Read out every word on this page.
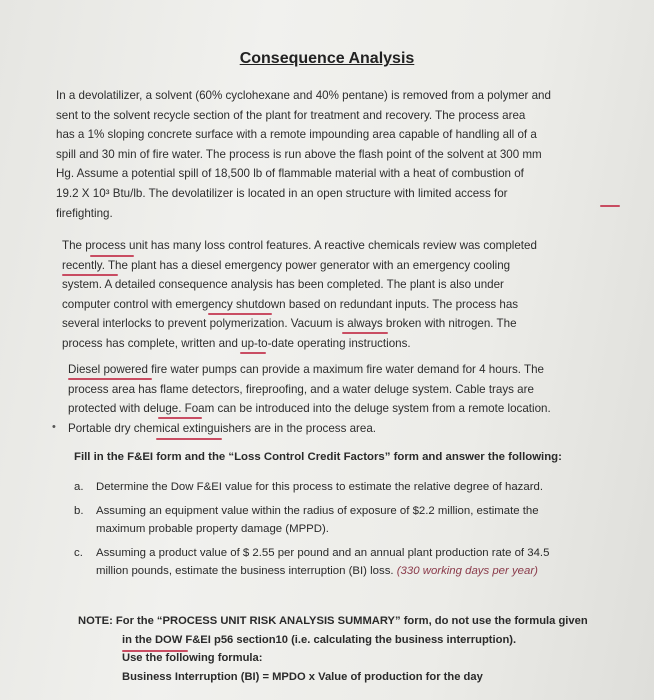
Consequence Analysis
In a devolatilizer, a solvent (60% cyclohexane and 40% pentane) is removed from a polymer and
sent to the solvent recycle section of the plant for treatment and recovery. The process area
has a 1% sloping concrete surface with a remote impounding area capable of handling all of a
spill and 30 min of fire water. The process is run above the flash point of the solvent at 300 mm
Hg. Assume a potential spill of 18,500 lb of flammable material with a heat of combustion of
19.2 X 10³ Btu/lb. The devolatilizer is located in an open structure with limited access for
firefighting.
The process unit has many loss control features. A reactive chemicals review was completed
recently. The plant has a diesel emergency power generator with an emergency cooling
system. A detailed consequence analysis has been completed. The plant is also under
computer control with emergency shutdown based on redundant inputs. The process has
several interlocks to prevent polymerization. Vacuum is always broken with nitrogen. The
process has complete, written and up-to-date operating instructions.
Diesel powered fire water pumps can provide a maximum fire water demand for 4 hours. The
process area has flame detectors, fireproofing, and a water deluge system. Cable trays are
protected with deluge. Foam can be introduced into the deluge system from a remote location.
Portable dry chemical extinguishers are in the process area.
•
Fill in the F&EI form and the “Loss Control Credit Factors” form and answer the following:
a. Determine the Dow F&EI value for this process to estimate the relative degree of hazard.
b. Assuming an equipment value within the radius of exposure of $2.2 million, estimate the
maximum probable property damage (MPPD).
c. Assuming a product value of $ 2.55 per pound and an annual plant production rate of 34.5
million pounds, estimate the business interruption (BI) loss. (330 working days per year)
NOTE: For the “PROCESS UNIT RISK ANALYSIS SUMMARY” form, do not use the formula given
in the DOW F&EI p56 section10 (i.e. calculating the business interruption).
Use the following formula:
Business Interruption (BI) = MPDO x Value of production for the day
